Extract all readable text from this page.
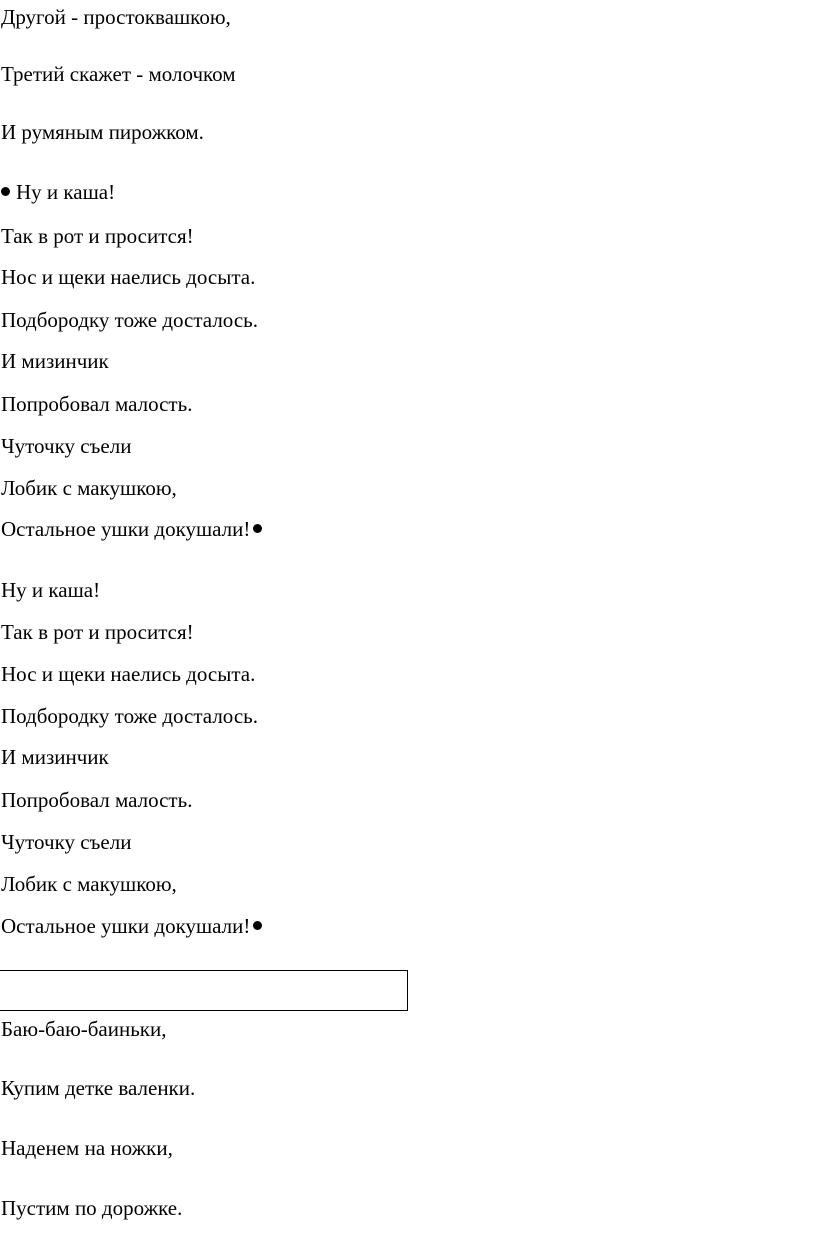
Другой - простоквашкою,
Третий скажет - молочком
И румяным пирожком.
Ну и каша!
Так в рот и просится!
Нос и щеки наелись досыта.
Подбородку тоже досталось.
И мизинчик
Попробовал малость.
Чуточку съели
Лобик с макушкою,
Остальное ушки докушали!
Ну и каша!
Так в рот и просится!
Нос и щеки наелись досыта.
Подбородку тоже досталось.
И мизинчик
Попробовал малость.
Чуточку съели
Лобик с макушкою,
Остальное ушки докушали!
Баю-баю-баиньки,
Купим детке валенки.
Наденем на ножки,
Пустим по дорожке.
